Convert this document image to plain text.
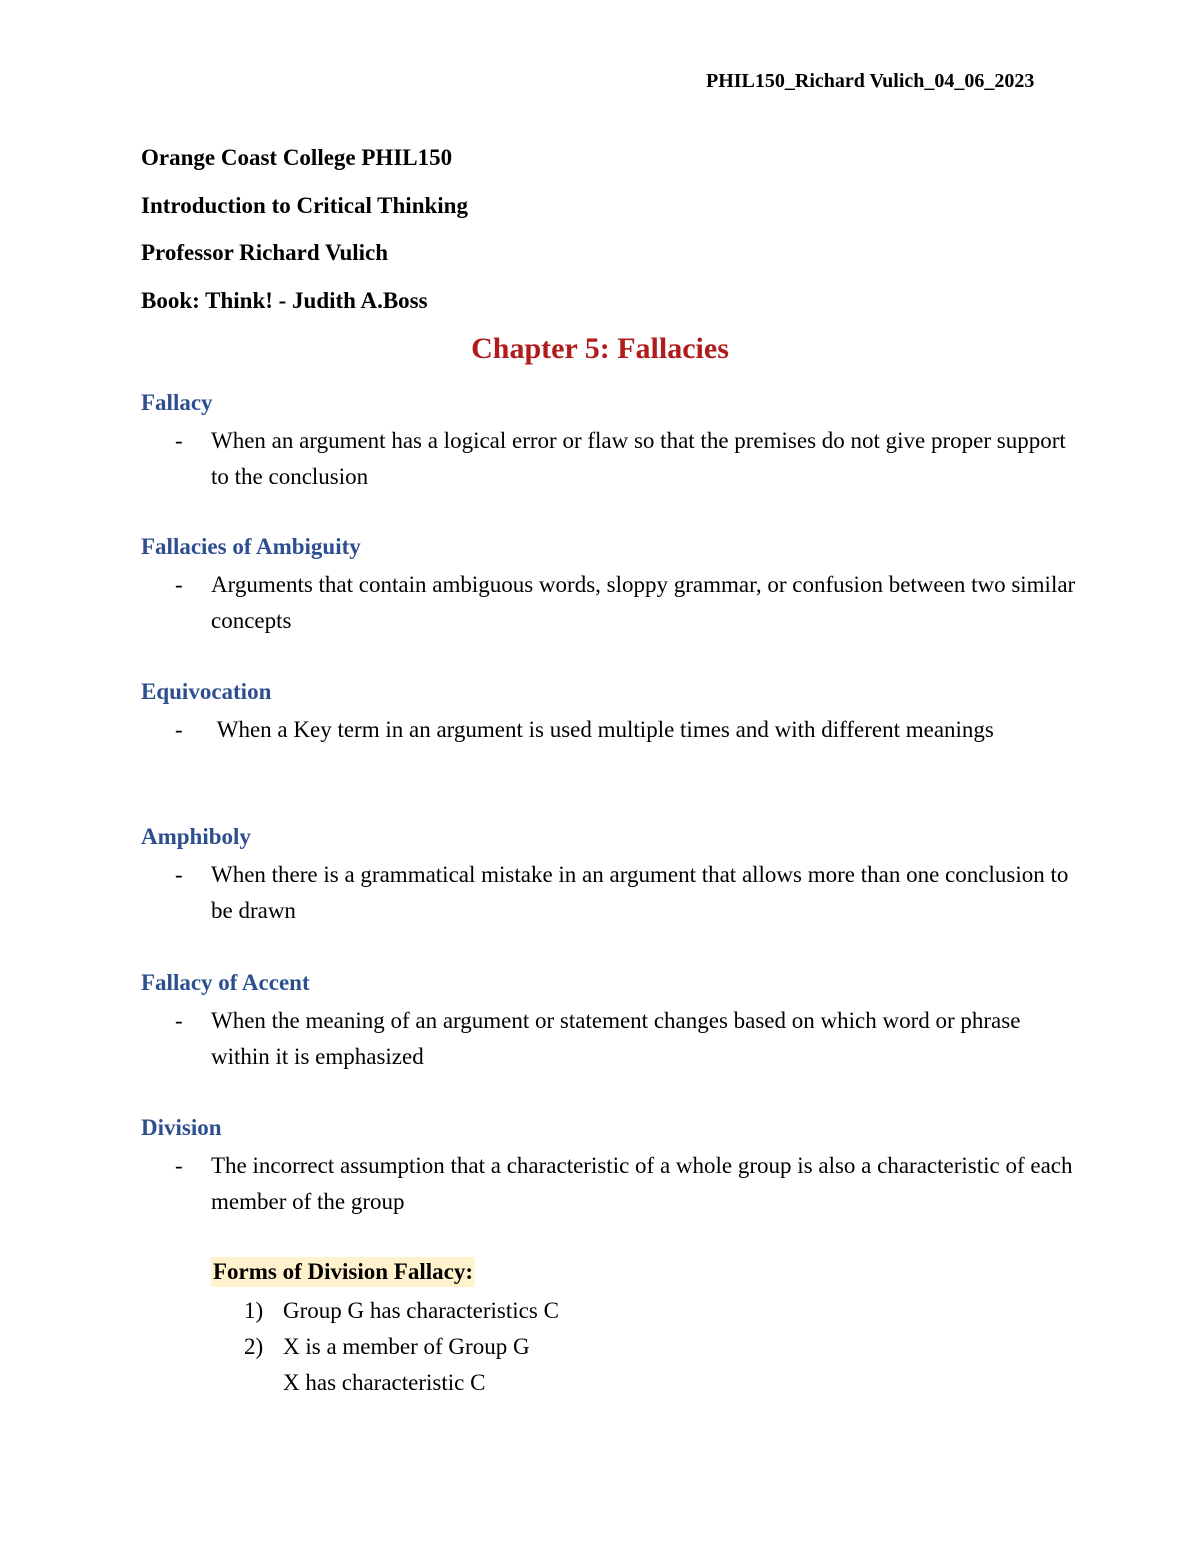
PHIL150_Richard Vulich_04_06_2023
Orange Coast College PHIL150
Introduction to Critical Thinking
Professor Richard Vulich
Book: Think! - Judith A.Boss
Chapter 5: Fallacies
Fallacy
- When an argument has a logical error or flaw so that the premises do not give proper support to the conclusion
Fallacies of Ambiguity
- Arguments that contain ambiguous words, sloppy grammar, or confusion between two similar concepts
Equivocation
- When a Key term in an argument is used multiple times and with different meanings
Amphiboly
- When there is a grammatical mistake in an argument that allows more than one conclusion to be drawn
Fallacy of Accent
- When the meaning of an argument or statement changes based on which word or phrase within it is emphasized
Division
- The incorrect assumption that a characteristic of a whole group is also a characteristic of each member of the group
Forms of Division Fallacy:
1) Group G has characteristics C
2) X is a member of Group G
X has characteristic C
